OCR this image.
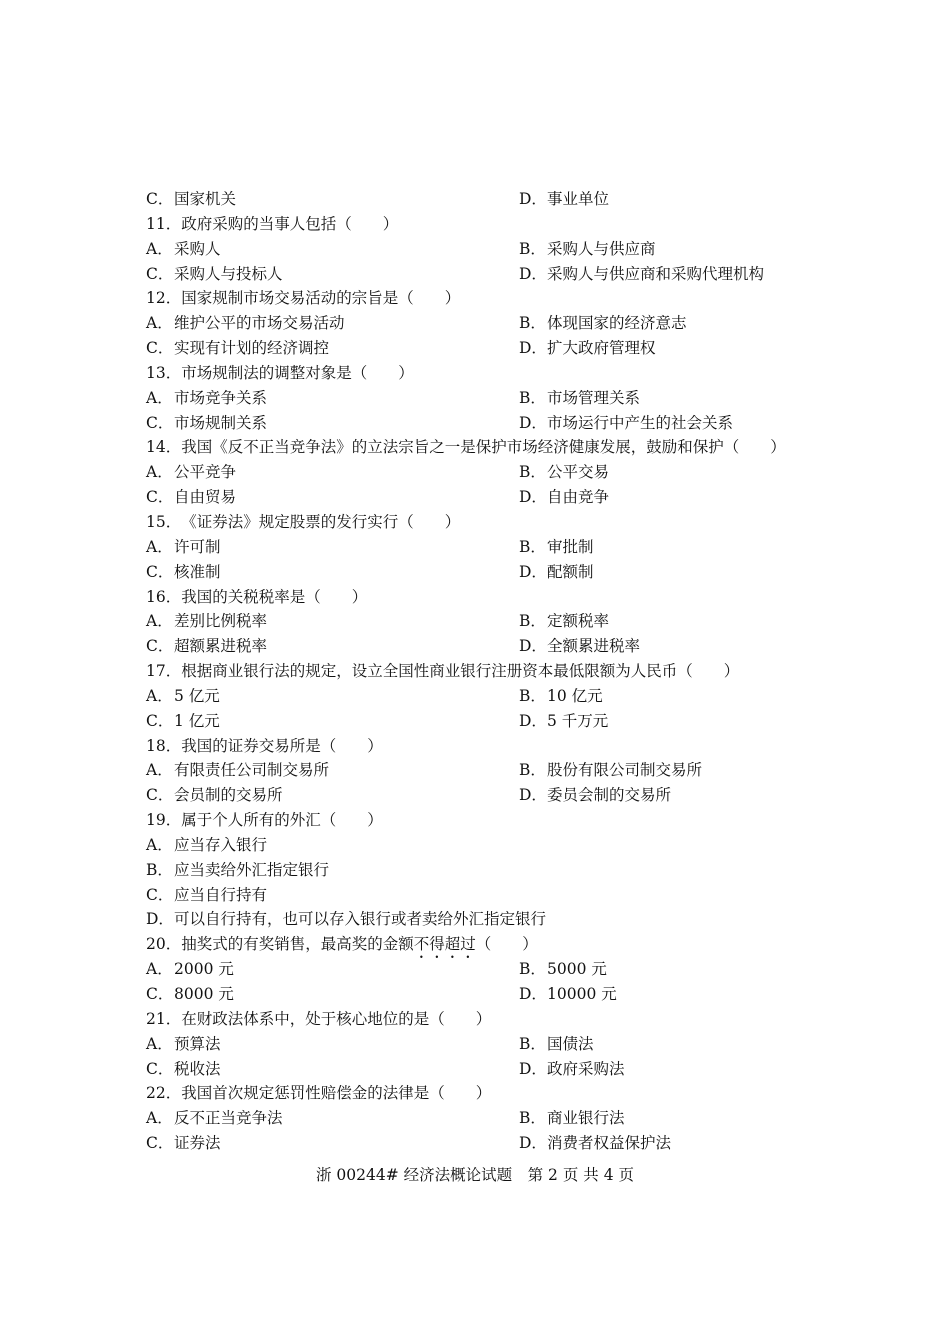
C．国家机关	D．事业单位
11．政府采购的当事人包括（　　）
A．采购人	B．采购人与供应商
C．采购人与投标人	D．采购人与供应商和采购代理机构
12．国家规制市场交易活动的宗旨是（　　）
A．维护公平的市场交易活动	B．体现国家的经济意志
C．实现有计划的经济调控	D．扩大政府管理权
13．市场规制法的调整对象是（　　）
A．市场竞争关系	B．市场管理关系
C．市场规制关系	D．市场运行中产生的社会关系
14．我国《反不正当竞争法》的立法宗旨之一是保护市场经济健康发展，鼓励和保护（　　）
A．公平竞争	B．公平交易
C．自由贸易	D．自由竞争
15．《证券法》规定股票的发行实行（　　）
A．许可制	B．审批制
C．核准制	D．配额制
16．我国的关税税率是（　　）
A．差别比例税率	B．定额税率
C．超额累进税率	D．全额累进税率
17．根据商业银行法的规定，设立全国性商业银行注册资本最低限额为人民币（　　）
A．5 亿元	B．10 亿元
C．1 亿元	D．5 千万元
18．我国的证券交易所是（　　）
A．有限责任公司制交易所	B．股份有限公司制交易所
C．会员制的交易所	D．委员会制的交易所
19．属于个人所有的外汇（　　）
A．应当存入银行
B．应当卖给外汇指定银行
C．应当自行持有
D．可以自行持有，也可以存入银行或者卖给外汇指定银行
20．抽奖式的有奖销售，最高奖的金额不得超过（　　）
A．2000 元	B．5000 元
C．8000 元	D．10000 元
21．在财政法体系中，处于核心地位的是（　　）
A．预算法	B．国债法
C．税收法	D．政府采购法
22．我国首次规定惩罚性赔偿金的法律是（　　）
A．反不正当竞争法	B．商业银行法
C．证券法	D．消费者权益保护法
浙 00244# 经济法概论试题　第 2 页 共 4 页
